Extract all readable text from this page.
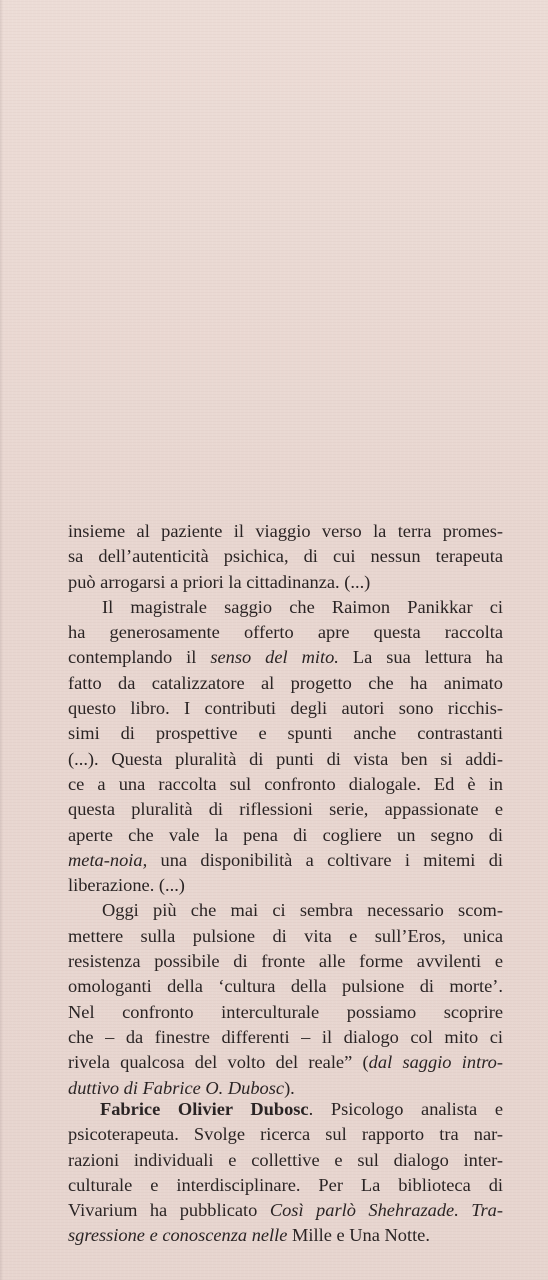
insieme al paziente il viaggio verso la terra promes-
sa dell’autenticità psichica, di cui nessun terapeuta
può arrogarsi a priori la cittadinanza. (...)
Il magistrale saggio che Raimon Panikkar ci
ha generosamente offerto apre questa raccolta
contemplando il senso del mito. La sua lettura ha
fatto da catalizzatore al progetto che ha animato
questo libro. I contributi degli autori sono ricchis-
simi di prospettive e spunti anche contrastanti
(...). Questa pluralità di punti di vista ben si addi-
ce a una raccolta sul confronto dialogale. Ed è in
questa pluralità di riflessioni serie, appassionate e
aperte che vale la pena di cogliere un segno di
meta-noia, una disponibilità a coltivare i mitemi di
liberazione. (...)
Oggi più che mai ci sembra necessario scom-
mettere sulla pulsione di vita e sull’Eros, unica
resistenza possibile di fronte alle forme avvilenti e
omologanti della ‘cultura della pulsione di morte’.
Nel confronto interculturale possiamo scoprire
che – da finestre differenti – il dialogo col mito ci
rivela qualcosa del volto del reale” (dal saggio intro-
duttivo di Fabrice O. Dubosc).
Fabrice Olivier Dubosc. Psicologo analista e
psicoterapeuta. Svolge ricerca sul rapporto tra nar-
razioni individuali e collettive e sul dialogo inter-
culturale e interdisciplinare. Per La biblioteca di
Vivarium ha pubblicato Così parlò Shehrazade. Tra-
sgressione e conoscenza nelle Mille e Una Notte.
